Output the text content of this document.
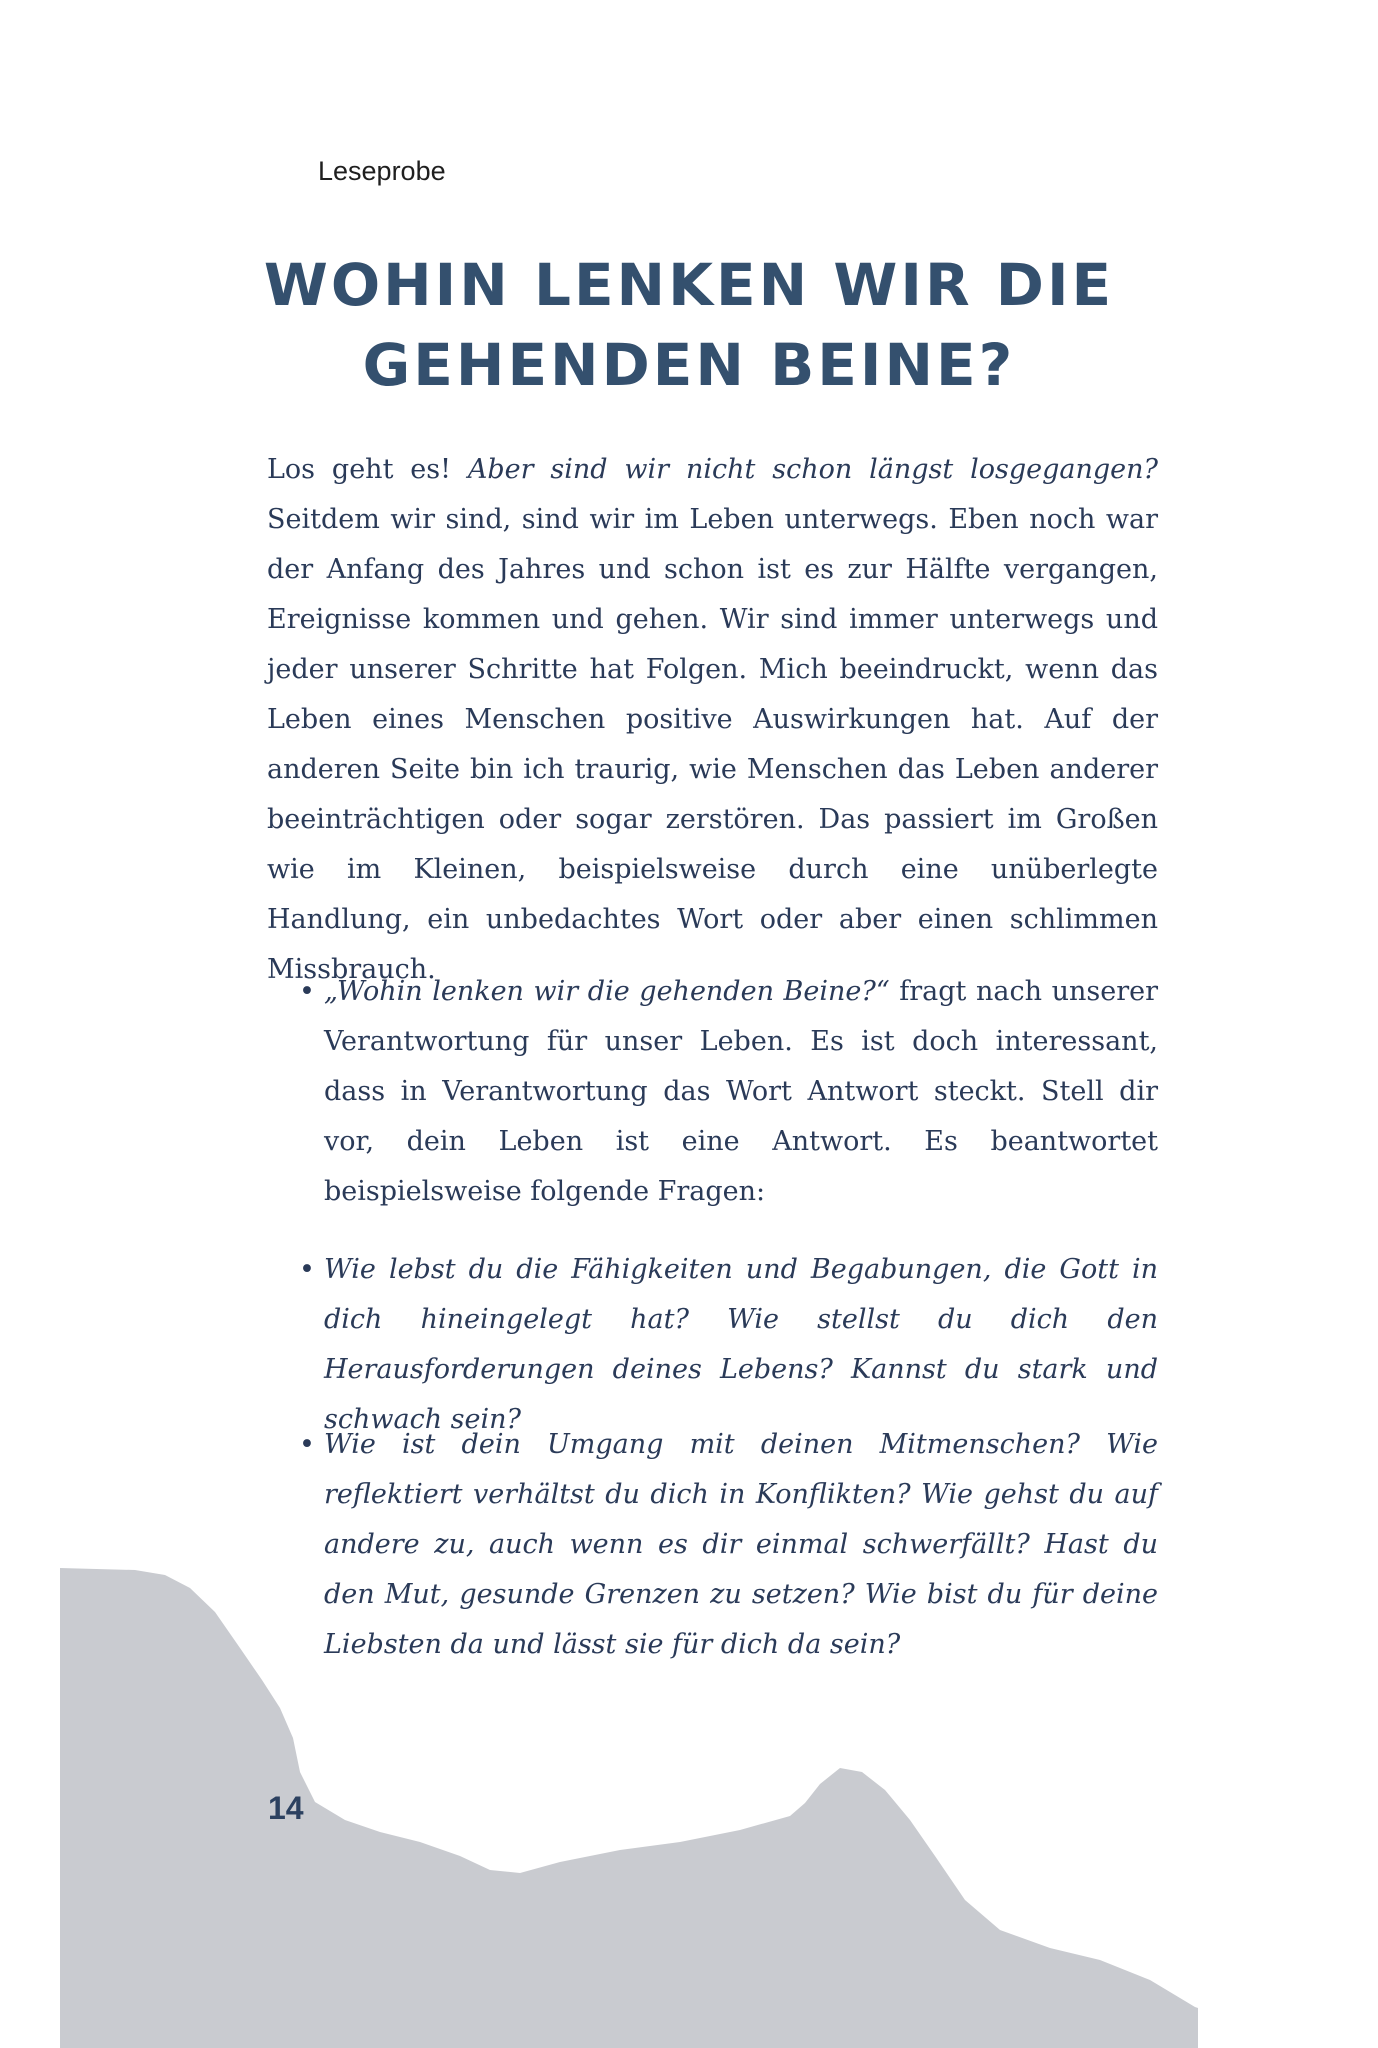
Leseprobe
WOHIN LENKEN WIR DIE
GEHENDEN BEINE?

Los geht es! Aber sind wir nicht schon längst losgegangen? Seitdem wir sind, sind wir im Leben unterwegs. Eben noch war der Anfang des Jahres und schon ist es zur Hälfte vergangen, Ereignisse kommen und gehen. Wir sind immer unterwegs und jeder unserer Schritte hat Folgen. Mich beeindruckt, wenn das Leben eines Menschen positive Auswirkungen hat. Auf der anderen Seite bin ich traurig, wie Menschen das Leben anderer beeinträchtigen oder sogar zerstören. Das passiert im Großen wie im Kleinen, beispielsweise durch eine unüberlegte Handlung, ein unbedachtes Wort oder aber einen schlimmen Missbrauch.

• „Wohin lenken wir die gehenden Beine?“ fragt nach unserer Verantwortung für unser Leben. Es ist doch interessant, dass in Verantwortung das Wort Antwort steckt. Stell dir vor, dein Leben ist eine Antwort. Es beantwortet beispielsweise folgende Fragen:
• Wie lebst du die Fähigkeiten und Begabungen, die Gott in dich hineingelegt hat? Wie stellst du dich den Herausforderungen deines Lebens? Kannst du stark und schwach sein?
• Wie ist dein Umgang mit deinen Mitmenschen? Wie reflektiert verhältst du dich in Konflikten? Wie gehst du auf andere zu, auch wenn es dir einmal schwerfällt? Hast du den Mut, gesunde Grenzen zu setzen? Wie bist du für deine Liebsten da und lässt sie für dich da sein?
14
